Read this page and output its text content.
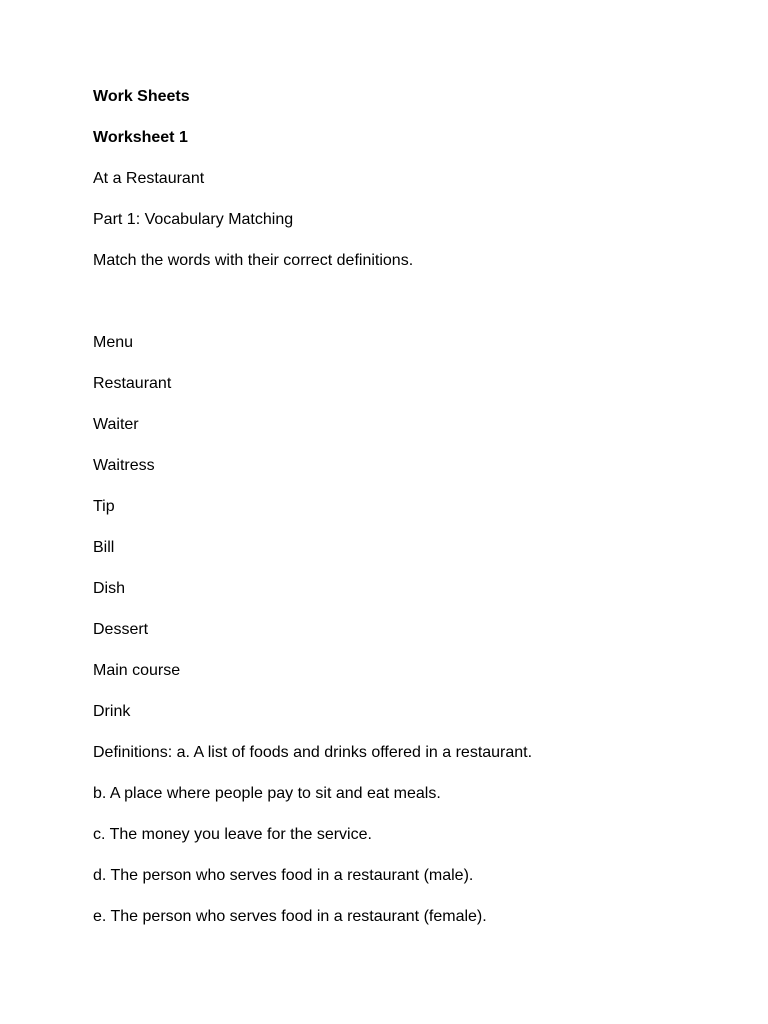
Work Sheets
Worksheet 1
At a Restaurant
Part 1: Vocabulary Matching
Match the words with their correct definitions.
Menu
Restaurant
Waiter
Waitress
Tip
Bill
Dish
Dessert
Main course
Drink
Definitions: a. A list of foods and drinks offered in a restaurant.
b. A place where people pay to sit and eat meals.
c. The money you leave for the service.
d. The person who serves food in a restaurant (male).
e. The person who serves food in a restaurant (female).
